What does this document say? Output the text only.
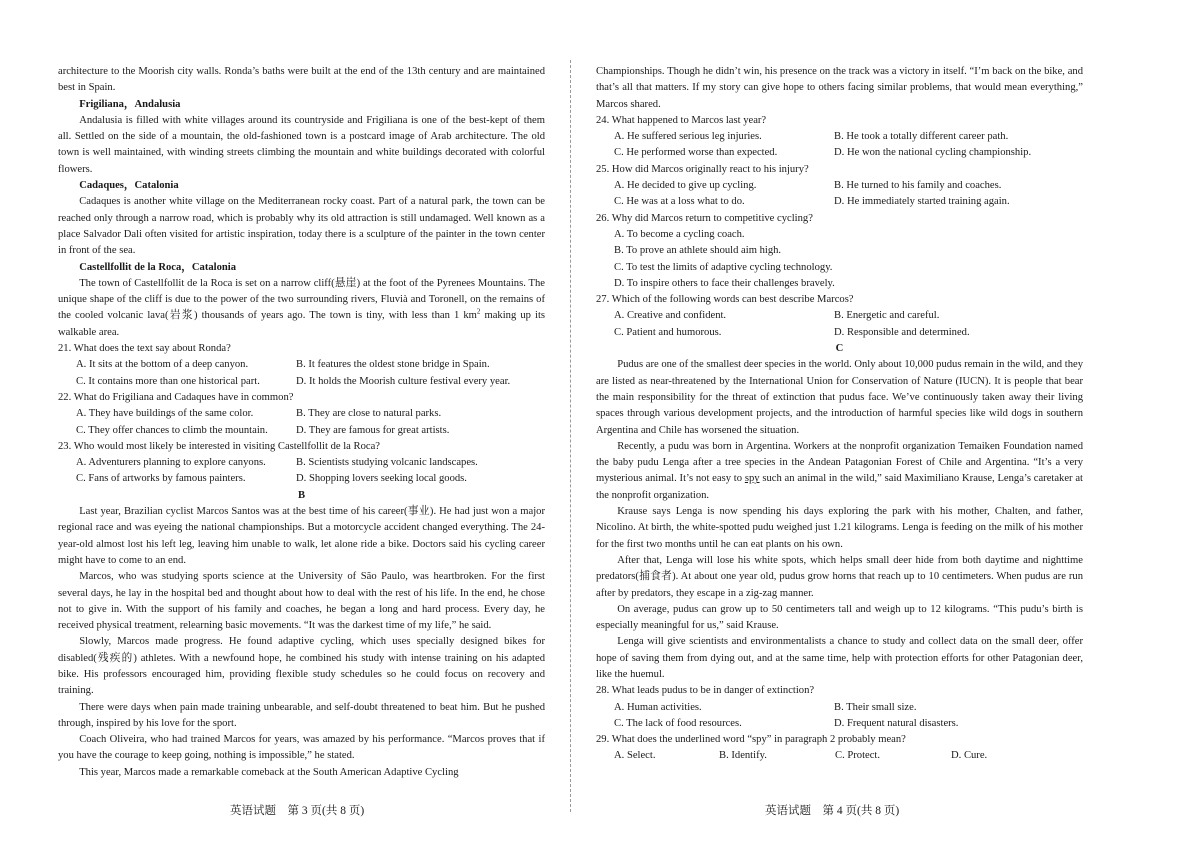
architecture to the Moorish city walls. Ronda’s baths were built at the end of the 13th century and are maintained best in Spain.

Frigiliana，Andalusia

Andalusia is filled with white villages around its countryside and Frigiliana is one of the best-kept of them all. Settled on the side of a mountain, the old-fashioned town is a postcard image of Arab architecture. The old town is well maintained, with winding streets climbing the mountain and white buildings decorated with colorful flowers.

Cadaques，Catalonia

Cadaques is another white village on the Mediterranean rocky coast. Part of a natural park, the town can be reached only through a narrow road, which is probably why its old attraction is still undamaged. Well known as a place Salvador Dali often visited for artistic inspiration, today there is a sculpture of the painter in the town center in front of the sea.

Castellfollit de la Roca，Catalonia

The town of Castellfollit de la Roca is set on a narrow cliff(悬崖) at the foot of the Pyrenees Mountains. The unique shape of the cliff is due to the power of the two surrounding rivers, Fluvià and Toronell, on the remains of the cooled volcanic lava(岩浆) thousands of years ago. The town is tiny, with less than 1 $km^2$ making up its walkable area.

21. What does the text say about Ronda?

A. It sits at the bottom of a deep canyon.	B. It features the oldest stone bridge in Spain.
C. It contains more than one historical part.	D. It holds the Moorish culture festival every year.

22. What do Frigiliana and Cadaques have in common?

A. They have buildings of the same color.	B. They are close to natural parks.
C. They offer chances to climb the mountain.	D. They are famous for great artists.

23. Who would most likely be interested in visiting Castellfollit de la Roca?

A. Adventurers planning to explore canyons.	B. Scientists studying volcanic landscapes.
C. Fans of artworks by famous painters.	D. Shopping lovers seeking local goods.

B

Last year, Brazilian cyclist Marcos Santos was at the best time of his career(事业). He had just won a major regional race and was eyeing the national championships. But a motorcycle accident changed everything. The 24-year-old almost lost his left leg, leaving him unable to walk, let alone ride a bike. Doctors said his cycling career might have to come to an end.

Marcos, who was studying sports science at the University of São Paulo, was heartbroken. For the first several days, he lay in the hospital bed and thought about how to deal with the rest of his life. In the end, he chose not to give in. With the support of his family and coaches, he began a long and hard process. Every day, he received physical treatment, relearning basic movements. “It was the darkest time of my life,” he said.

Slowly, Marcos made progress. He found adaptive cycling, which uses specially designed bikes for disabled(残疾的) athletes. With a newfound hope, he combined his study with intense training on his adapted bike. His professors encouraged him, providing flexible study schedules so he could focus on recovery and training.

There were days when pain made training unbearable, and self-doubt threatened to beat him. But he pushed through, inspired by his love for the sport.

Coach Oliveira, who had trained Marcos for years, was amazed by his performance. “Marcos proves that if you have the courage to keep going, nothing is impossible,” he stated.

This year, Marcos made a remarkable comeback at the South American Adaptive Cycling

Championships. Though he didn’t win, his presence on the track was a victory in itself. “I’m back on the bike, and that’s all that matters. If my story can give hope to others facing similar problems, that would mean everything,” Marcos shared.

24. What happened to Marcos last year?

A. He suffered serious leg injuries.	B. He took a totally different career path.
C. He performed worse than expected.	D. He won the national cycling championship.

25. How did Marcos originally react to his injury?

A. He decided to give up cycling.	B. He turned to his family and coaches.
C. He was at a loss what to do.	D. He immediately started training again.

26. Why did Marcos return to competitive cycling?

A. To become a cycling coach.
B. To prove an athlete should aim high.
C. To test the limits of adaptive cycling technology.
D. To inspire others to face their challenges bravely.

27. Which of the following words can best describe Marcos?

A. Creative and confident.	B. Energetic and careful.
C. Patient and humorous.	D. Responsible and determined.

C

Pudus are one of the smallest deer species in the world. Only about 10,000 pudus remain in the wild, and they are listed as near-threatened by the International Union for Conservation of Nature (IUCN). It is people that bear the main responsibility for the threat of extinction that pudus face. We’ve continuously taken away their living spaces through various development projects, and the introduction of harmful species like wild dogs in southern Argentina and Chile has worsened the situation.

Recently, a pudu was born in Argentina. Workers at the nonprofit organization Temaiken Foundation named the baby pudu Lenga after a tree species in the Andean Patagonian Forest of Chile and Argentina. “It’s a very mysterious animal. It’s not easy to spy such an animal in the wild,” said Maximiliano Krause, Lenga’s caretaker at the nonprofit organization.

Krause says Lenga is now spending his days exploring the park with his mother, Chalten, and father, Nicolino. At birth, the white-spotted pudu weighed just 1.21 kilograms. Lenga is feeding on the milk of his mother for the first two months until he can eat plants on his own.

After that, Lenga will lose his white spots, which helps small deer hide from both daytime and nighttime predators(捕食者). At about one year old, pudus grow horns that reach up to 10 centimeters. When pudus are run after by predators, they escape in a zig-zag manner.

On average, pudus can grow up to 50 centimeters tall and weigh up to 12 kilograms. “This pudu’s birth is especially meaningful for us,” said Krause.

Lenga will give scientists and environmentalists a chance to study and collect data on the small deer, offer hope of saving them from dying out, and at the same time, help with protection efforts for other Patagonian deer, like the huemul.

28. What leads pudus to be in danger of extinction?

A. Human activities.	B. Their small size.
C. The lack of food resources.	D. Frequent natural disasters.

29. What does the underlined word “spy” in paragraph 2 probably mean?

A. Select.	B. Identify.	C. Protect.	D. Cure.
英语试题　第 3 页(共 8 页)	英语试题　第 4 页(共 8 页)
